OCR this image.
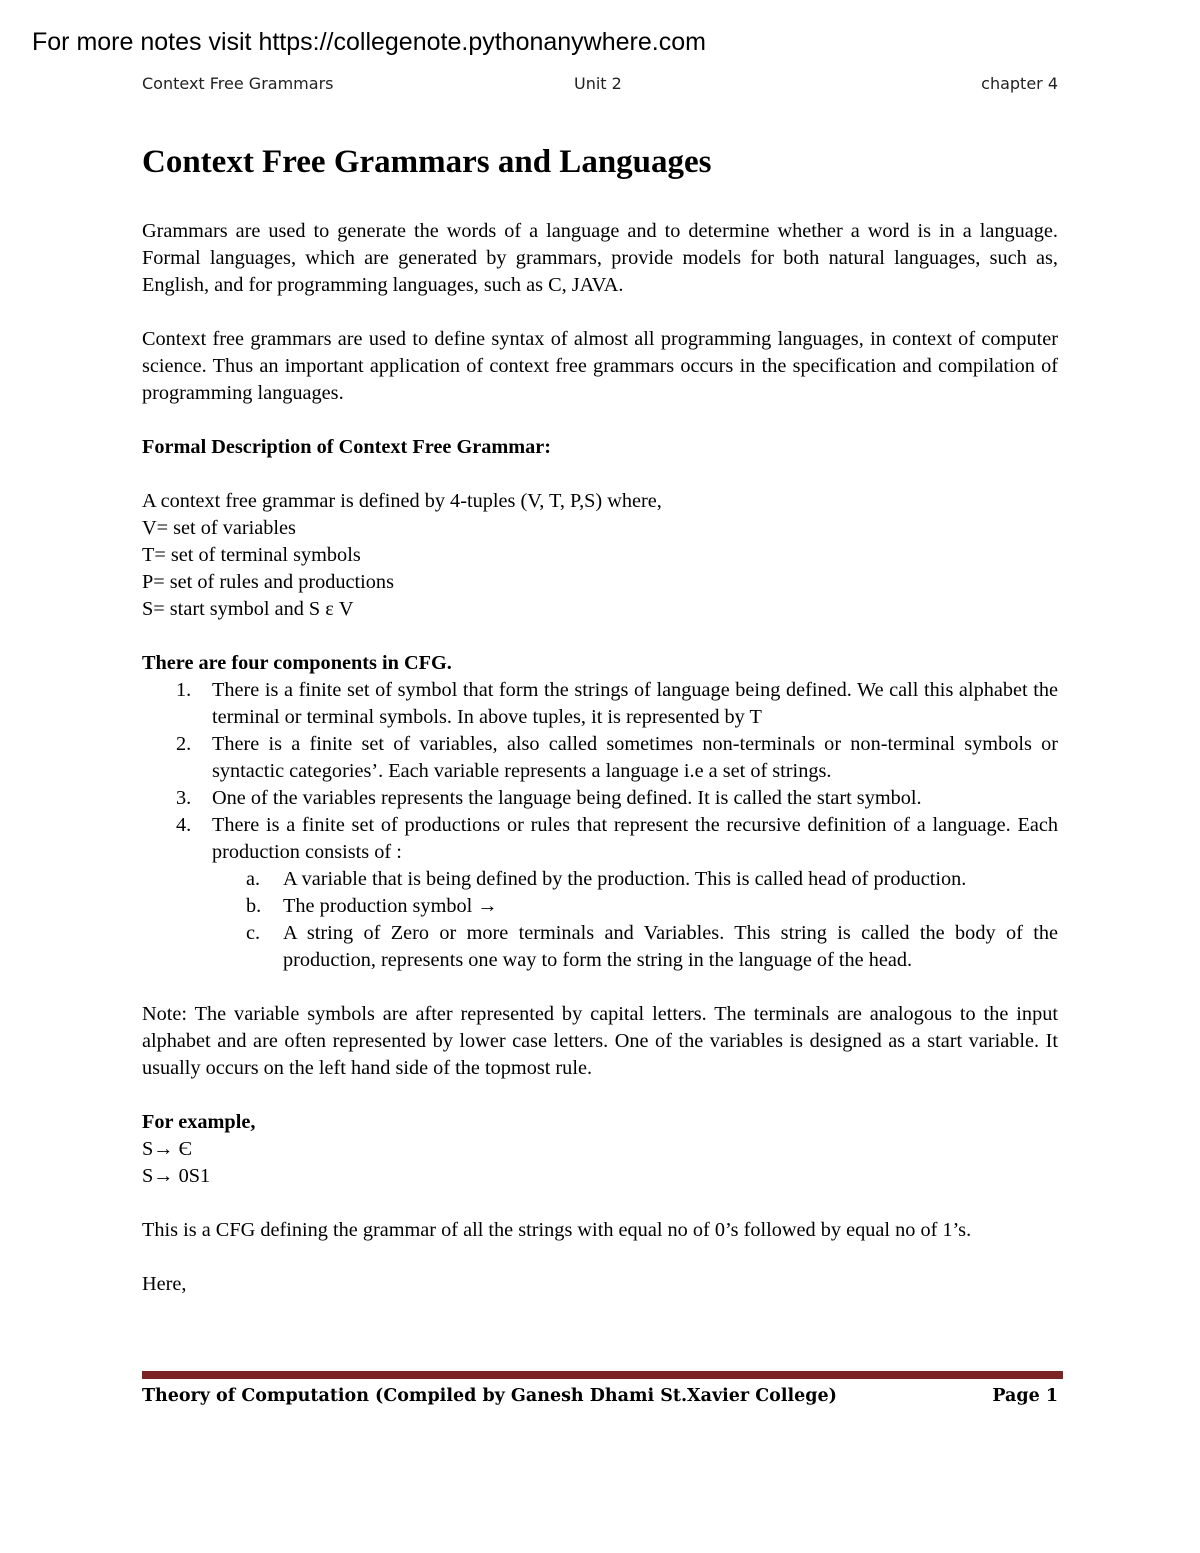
For more notes visit https://collegenote.pythonanywhere.com
Context Free Grammars	Unit 2	chapter 4
Context Free Grammars and Languages

Grammars are used to generate the words of a language and to determine whether a word is in a language. Formal languages, which are generated by grammars, provide models for both natural languages, such as, English, and for programming languages, such as C, JAVA.

Context free grammars are used to define syntax of almost all programming languages, in context of computer science. Thus an important application of context free grammars occurs in the specification and compilation of programming languages.

Formal Description of Context Free Grammar:
A context free grammar is defined by 4-tuples (V, T, P,S) where,
V= set of variables
T= set of terminal symbols
P= set of rules and productions
S= start symbol and S ε V
There are four components in CFG.
1. There is a finite set of symbol that form the strings of language being defined. We call this alphabet the terminal or terminal symbols. In above tuples, it is represented by T
2. There is a finite set of variables, also called sometimes non-terminals or non-terminal symbols or syntactic categories’. Each variable represents a language i.e a set of strings.
3. One of the variables represents the language being defined. It is called the start symbol.
4. There is a finite set of productions or rules that represent the recursive definition of a language. Each production consists of :
a. A variable that is being defined by the production. This is called head of production.
b. The production symbol →
c. A string of Zero or more terminals and Variables. This string is called the body of the production, represents one way to form the string in the language of the head.

Note: The variable symbols are after represented by capital letters. The terminals are analogous to the input alphabet and are often represented by lower case letters. One of the variables is designed as a start variable. It usually occurs on the left hand side of the topmost rule.

For example,
S→ Є
S→ 0S1

This is a CFG defining the grammar of all the strings with equal no of 0’s followed by equal no of 1’s.

Here,

Theory of Computation (Compiled by Ganesh Dhami St.Xavier College)	Page 1
